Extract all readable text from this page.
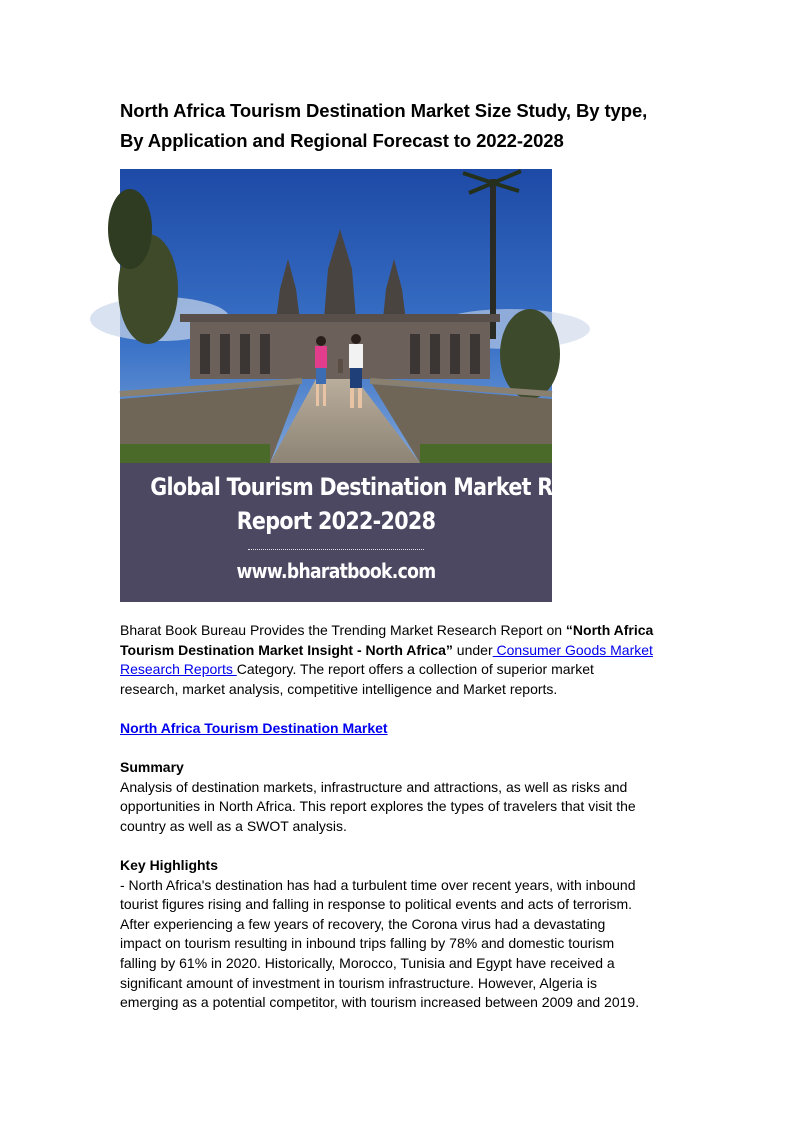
North Africa Tourism Destination Market Size Study, By type,
By Application and Regional Forecast to 2022-2028
Global Tourism Destination Market Research
Report 2022-2028
www.bharatbook.com

Bharat Book Bureau Provides the Trending Market Research Report on “North Africa
Tourism Destination Market Insight - North Africa” under Consumer Goods Market
Research Reports Category. The report offers a collection of superior market
research, market analysis, competitive intelligence and Market reports.

North Africa Tourism Destination Market
Summary
Analysis of destination markets, infrastructure and attractions, as well as risks and
opportunities in North Africa. This report explores the types of travelers that visit the
country as well as a SWOT analysis.
Key Highlights
- North Africa's destination has had a turbulent time over recent years, with inbound
tourist figures rising and falling in response to political events and acts of terrorism.
After experiencing a few years of recovery, the Corona virus had a devastating
impact on tourism resulting in inbound trips falling by 78% and domestic tourism
falling by 61% in 2020. Historically, Morocco, Tunisia and Egypt have received a
significant amount of investment in tourism infrastructure. However, Algeria is
emerging as a potential competitor, with tourism increased between 2009 and 2019.
